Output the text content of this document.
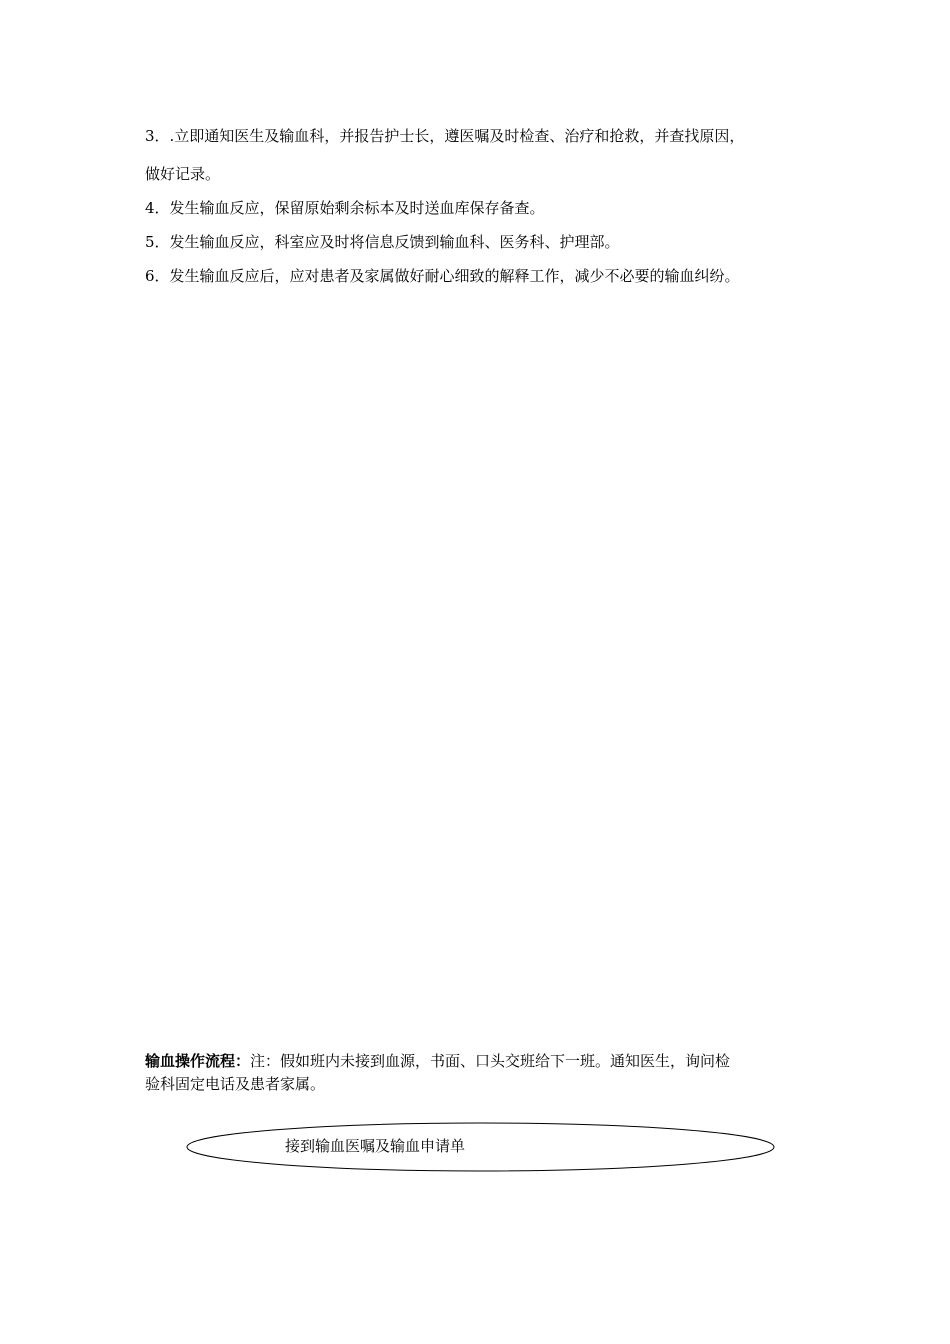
3．.立即通知医生及输血科，并报告护士长，遵医嘱及时检查、治疗和抢救，并查找原因，
做好记录。
4．发生输血反应，保留原始剩余标本及时送血库保存备查。
5．发生输血反应，科室应及时将信息反馈到输血科、医务科、护理部。
6．发生输血反应后，应对患者及家属做好耐心细致的解释工作，减少不必要的输血纠纷。
输血操作流程：注：假如班内未接到血源，书面、口头交班给下一班。通知医生，询问检
验科固定电话及患者家属。
接到输血医嘱及输血申请单
